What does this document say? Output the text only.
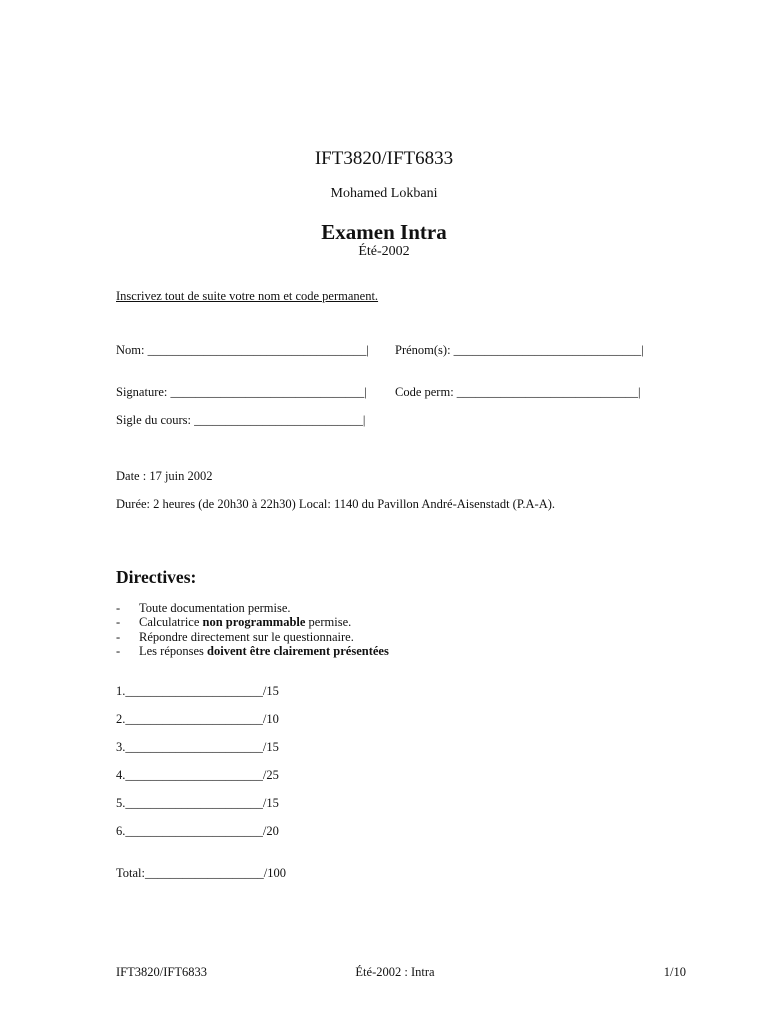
IFT3820/IFT6833
Mohamed Lokbani
Examen Intra
Été-2002
Inscrivez tout de suite votre nom et code permanent.
Nom: ___________________________________| Prénom(s): ______________________________|
Signature: _______________________________| Code perm: _____________________________|
Sigle du cours: ___________________________|
Date : 17 juin 2002
Durée: 2 heures (de 20h30 à 22h30) Local: 1140 du Pavillon André-Aisenstadt (P.A-A).
Directives:
- Toute documentation permise.
- Calculatrice non programmable permise.
- Répondre directement sur le questionnaire.
- Les réponses doivent être clairement présentées
1.______________________/15
2.______________________/10
3.______________________/15
4.______________________/25
5.______________________/15
6.______________________/20
Total:___________________/100
IFT3820/IFT6833	Été-2002 : Intra	1/10
